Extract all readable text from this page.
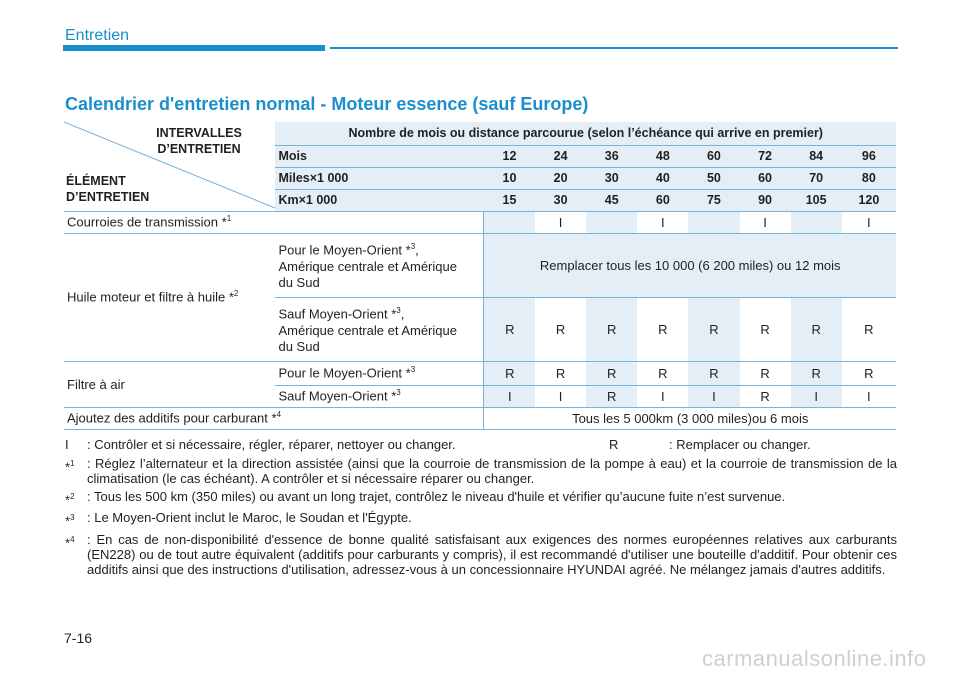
Entretien
Calendrier d'entretien normal - Moteur essence (sauf Europe)
INTERVALLES D’ENTRETIEN
ÉLÉMENT D’ENTRETIEN	Nombre de mois ou distance parcourue (selon l’échéance qui arrive en premier)								
	Mois	12	24	36	48	60	72	84	96
	Miles×1 000	10	20	30	40	50	60	70	80
	Km×1 000	15	30	45	60	75	90	105	120
Courroies de transmission *$^1$			I		I		I		I
Huile moteur et filtre à huile *$^2$	Pour le Moyen-Orient *$^3$,
Amérique centrale et Amérique
du Sud	Remplacer tous les 10 000 (6 200 miles) ou 12 mois							
	Sauf Moyen-Orient *$^3$,
Amérique centrale et Amérique
du Sud	R	R	R	R	R	R	R	R
Filtre à air	Pour le Moyen-Orient *$^3$	R	R	R	R	R	R	R	R
	Sauf Moyen-Orient *$^3$	I	I	R	I	I	R	I	I
Ajoutez des additifs pour carburant *$^4$		Tous les 5 000km (3 000 miles)ou 6 mois							
I	: Contrôler et si nécessaire, régler, réparer, nettoyer ou changer.	R	: Remplacer ou changer.
*$^1$ : Réglez l’alternateur et la direction assistée (ainsi que la courroie de transmission de la pompe à eau) et la courroie de transmission de la climatisation (le cas échéant). A contrôler et si nécessaire réparer ou changer.
*$^2$ : Tous les 500 km (350 miles) ou avant un long trajet, contrôlez le niveau d'huile et vérifier qu’aucune fuite n’est survenue.
*$^3$ : Le Moyen-Orient inclut le Maroc, le Soudan et l'Égypte.
*$^4$ : En cas de non-disponibilité d'essence de bonne qualité satisfaisant aux exigences des normes européennes relatives aux carburants (EN228) ou de tout autre équivalent (additifs pour carburants y compris), il est recommandé d'utiliser une bouteille d'additif. Pour obtenir ces additifs ainsi que des instructions d'utilisation, adressez-vous à un concessionnaire HYUNDAI agréé. Ne mélangez jamais d'autres additifs.
7-16
carmanualsonline.info
